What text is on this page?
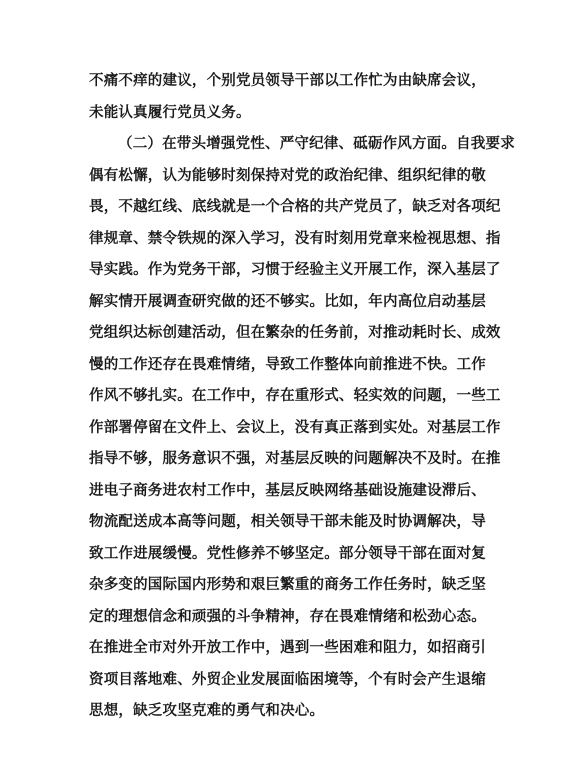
不痛不痒的建议，个别党员领导干部以工作忙为由缺席会议，
未能认真履行党员义务。
（二）在带头增强党性、严守纪律、砥砺作风方面。自我要求
偶有松懈，认为能够时刻保持对党的政治纪律、组织纪律的敬
畏，不越红线、底线就是一个合格的共产党员了，缺乏对各项纪
律规章、禁令铁规的深入学习，没有时刻用党章来检视思想、指
导实践。作为党务干部，习惯于经验主义开展工作，深入基层了
解实情开展调查研究做的还不够实。比如，年内高位启动基层
党组织达标创建活动，但在繁杂的任务前，对推动耗时长、成效
慢的工作还存在畏难情绪，导致工作整体向前推进不快。工作
作风不够扎实。在工作中，存在重形式、轻实效的问题，一些工
作部署停留在文件上、会议上，没有真正落到实处。对基层工作
指导不够，服务意识不强，对基层反映的问题解决不及时。在推
进电子商务进农村工作中，基层反映网络基础设施建设滞后、
物流配送成本高等问题，相关领导干部未能及时协调解决，导
致工作进展缓慢。党性修养不够坚定。部分领导干部在面对复
杂多变的国际国内形势和艰巨繁重的商务工作任务时，缺乏坚
定的理想信念和顽强的斗争精神，存在畏难情绪和松劲心态。
在推进全市对外开放工作中，遇到一些困难和阻力，如招商引
资项目落地难、外贸企业发展面临困境等，个有时会产生退缩
思想，缺乏攻坚克难的勇气和决心。
